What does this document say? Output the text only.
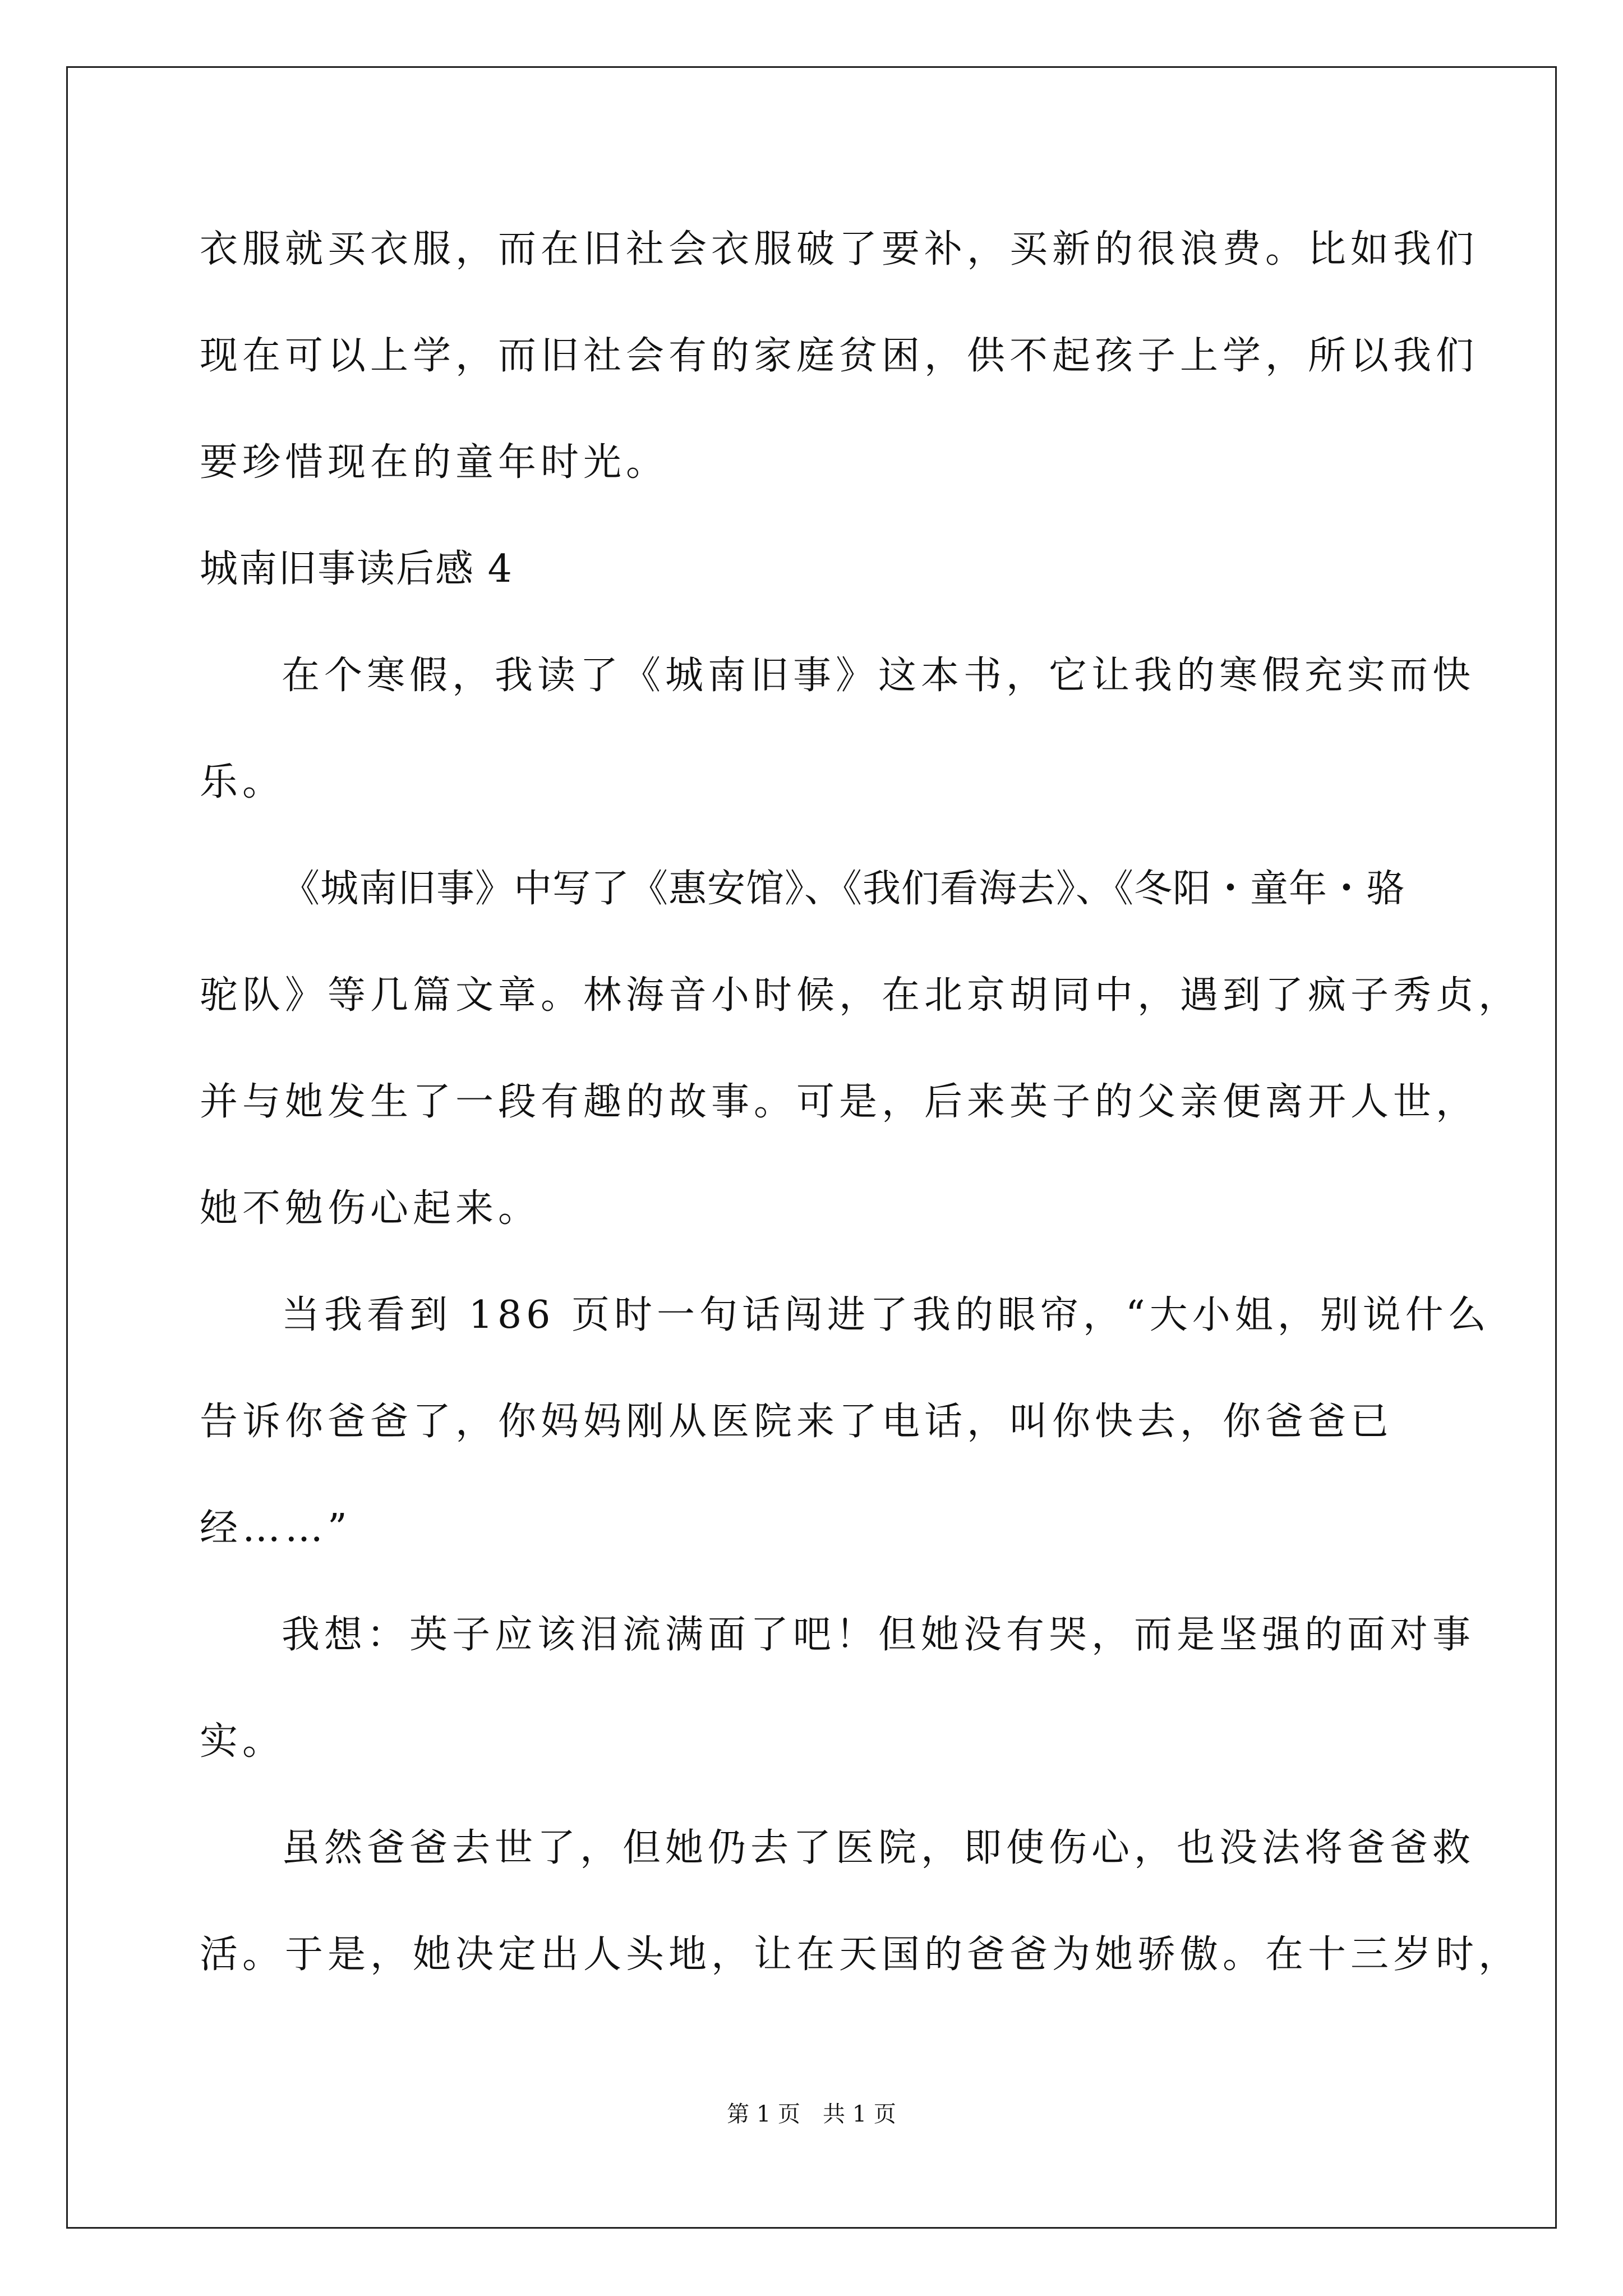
衣服就买衣服，而在旧社会衣服破了要补，买新的很浪费。比如我们

现在可以上学，而旧社会有的家庭贫困，供不起孩子上学，所以我们

要珍惜现在的童年时光。

城南旧事读后感 4

在个寒假，我读了《城南旧事》这本书，它让我的寒假充实而快

乐。

《城南旧事》中写了《惠安馆》、《我们看海去》、《冬阳・童年・骆

驼队》等几篇文章。林海音小时候，在北京胡同中，遇到了疯子秀贞，

并与她发生了一段有趣的故事。可是，后来英子的父亲便离开人世，

她不勉伤心起来。

当我看到 186 页时一句话闯进了我的眼帘，“大小姐，别说什么

告诉你爸爸了，你妈妈刚从医院来了电话，叫你快去，你爸爸已

经……”

我想：英子应该泪流满面了吧！但她没有哭，而是坚强的面对事

实。

虽然爸爸去世了，但她仍去了医院，即使伤心，也没法将爸爸救

活。于是，她决定出人头地，让在天国的爸爸为她骄傲。在十三岁时，

第 1 页　共 1 页
